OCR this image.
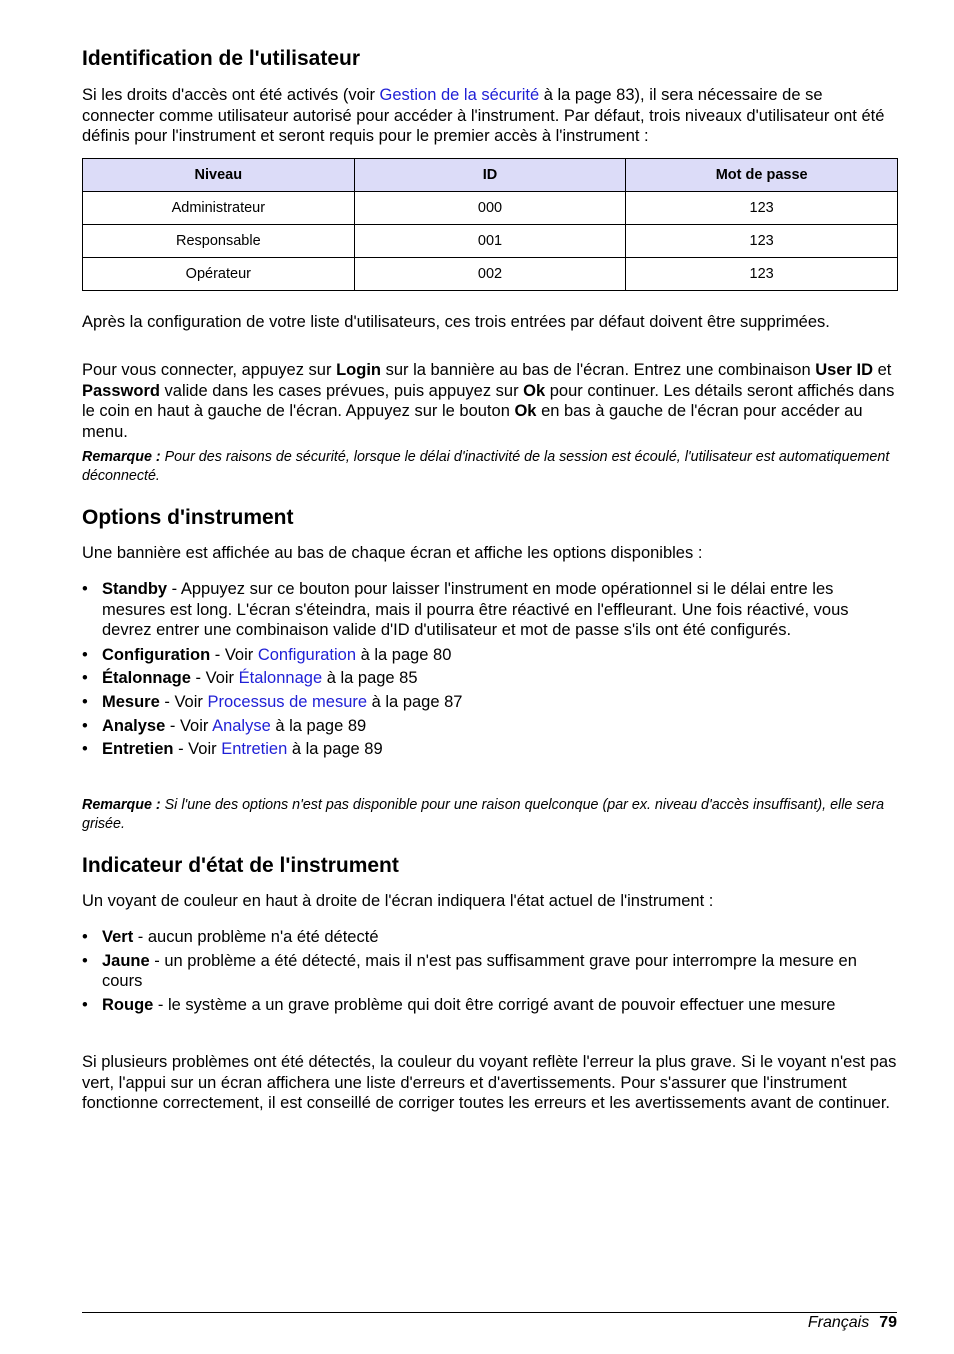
Identification de l'utilisateur

Si les droits d'accès ont été activés (voir Gestion de la sécurité à la page 83), il sera nécessaire de se connecter comme utilisateur autorisé pour accéder à l'instrument. Par défaut, trois niveaux d'utilisateur ont été définis pour l'instrument et seront requis pour le premier accès à l'instrument :

Niveau	ID	Mot de passe
Administrateur	000	123
Responsable	001	123
Opérateur	002	123

Après la configuration de votre liste d'utilisateurs, ces trois entrées par défaut doivent être supprimées.

Pour vous connecter, appuyez sur Login sur la bannière au bas de l'écran. Entrez une combinaison User ID et Password valide dans les cases prévues, puis appuyez sur Ok pour continuer. Les détails seront affichés dans le coin en haut à gauche de l'écran. Appuyez sur le bouton Ok en bas à gauche de l'écran pour accéder au menu.

Remarque : Pour des raisons de sécurité, lorsque le délai d'inactivité de la session est écoulé, l'utilisateur est automatiquement déconnecté.

Options d'instrument

Une bannière est affichée au bas de chaque écran et affiche les options disponibles :

• Standby - Appuyez sur ce bouton pour laisser l'instrument en mode opérationnel si le délai entre les mesures est long. L'écran s'éteindra, mais il pourra être réactivé en l'effleurant. Une fois réactivé, vous devrez entrer une combinaison valide d'ID d'utilisateur et mot de passe s'ils ont été configurés.
• Configuration - Voir Configuration à la page 80
• Étalonnage - Voir Étalonnage à la page 85
• Mesure - Voir Processus de mesure à la page 87
• Analyse - Voir Analyse à la page 89
• Entretien - Voir Entretien à la page 89

Remarque : Si l'une des options n'est pas disponible pour une raison quelconque (par ex. niveau d'accès insuffisant), elle sera grisée.

Indicateur d'état de l'instrument

Un voyant de couleur en haut à droite de l'écran indiquera l'état actuel de l'instrument :

• Vert - aucun problème n'a été détecté
• Jaune - un problème a été détecté, mais il n'est pas suffisamment grave pour interrompre la mesure en cours
• Rouge - le système a un grave problème qui doit être corrigé avant de pouvoir effectuer une mesure

Si plusieurs problèmes ont été détectés, la couleur du voyant reflète l'erreur la plus grave. Si le voyant n'est pas vert, l'appui sur un écran affichera une liste d'erreurs et d'avertissements. Pour s'assurer que l'instrument fonctionne correctement, il est conseillé de corriger toutes les erreurs et les avertissements avant de continuer.

Français 79
